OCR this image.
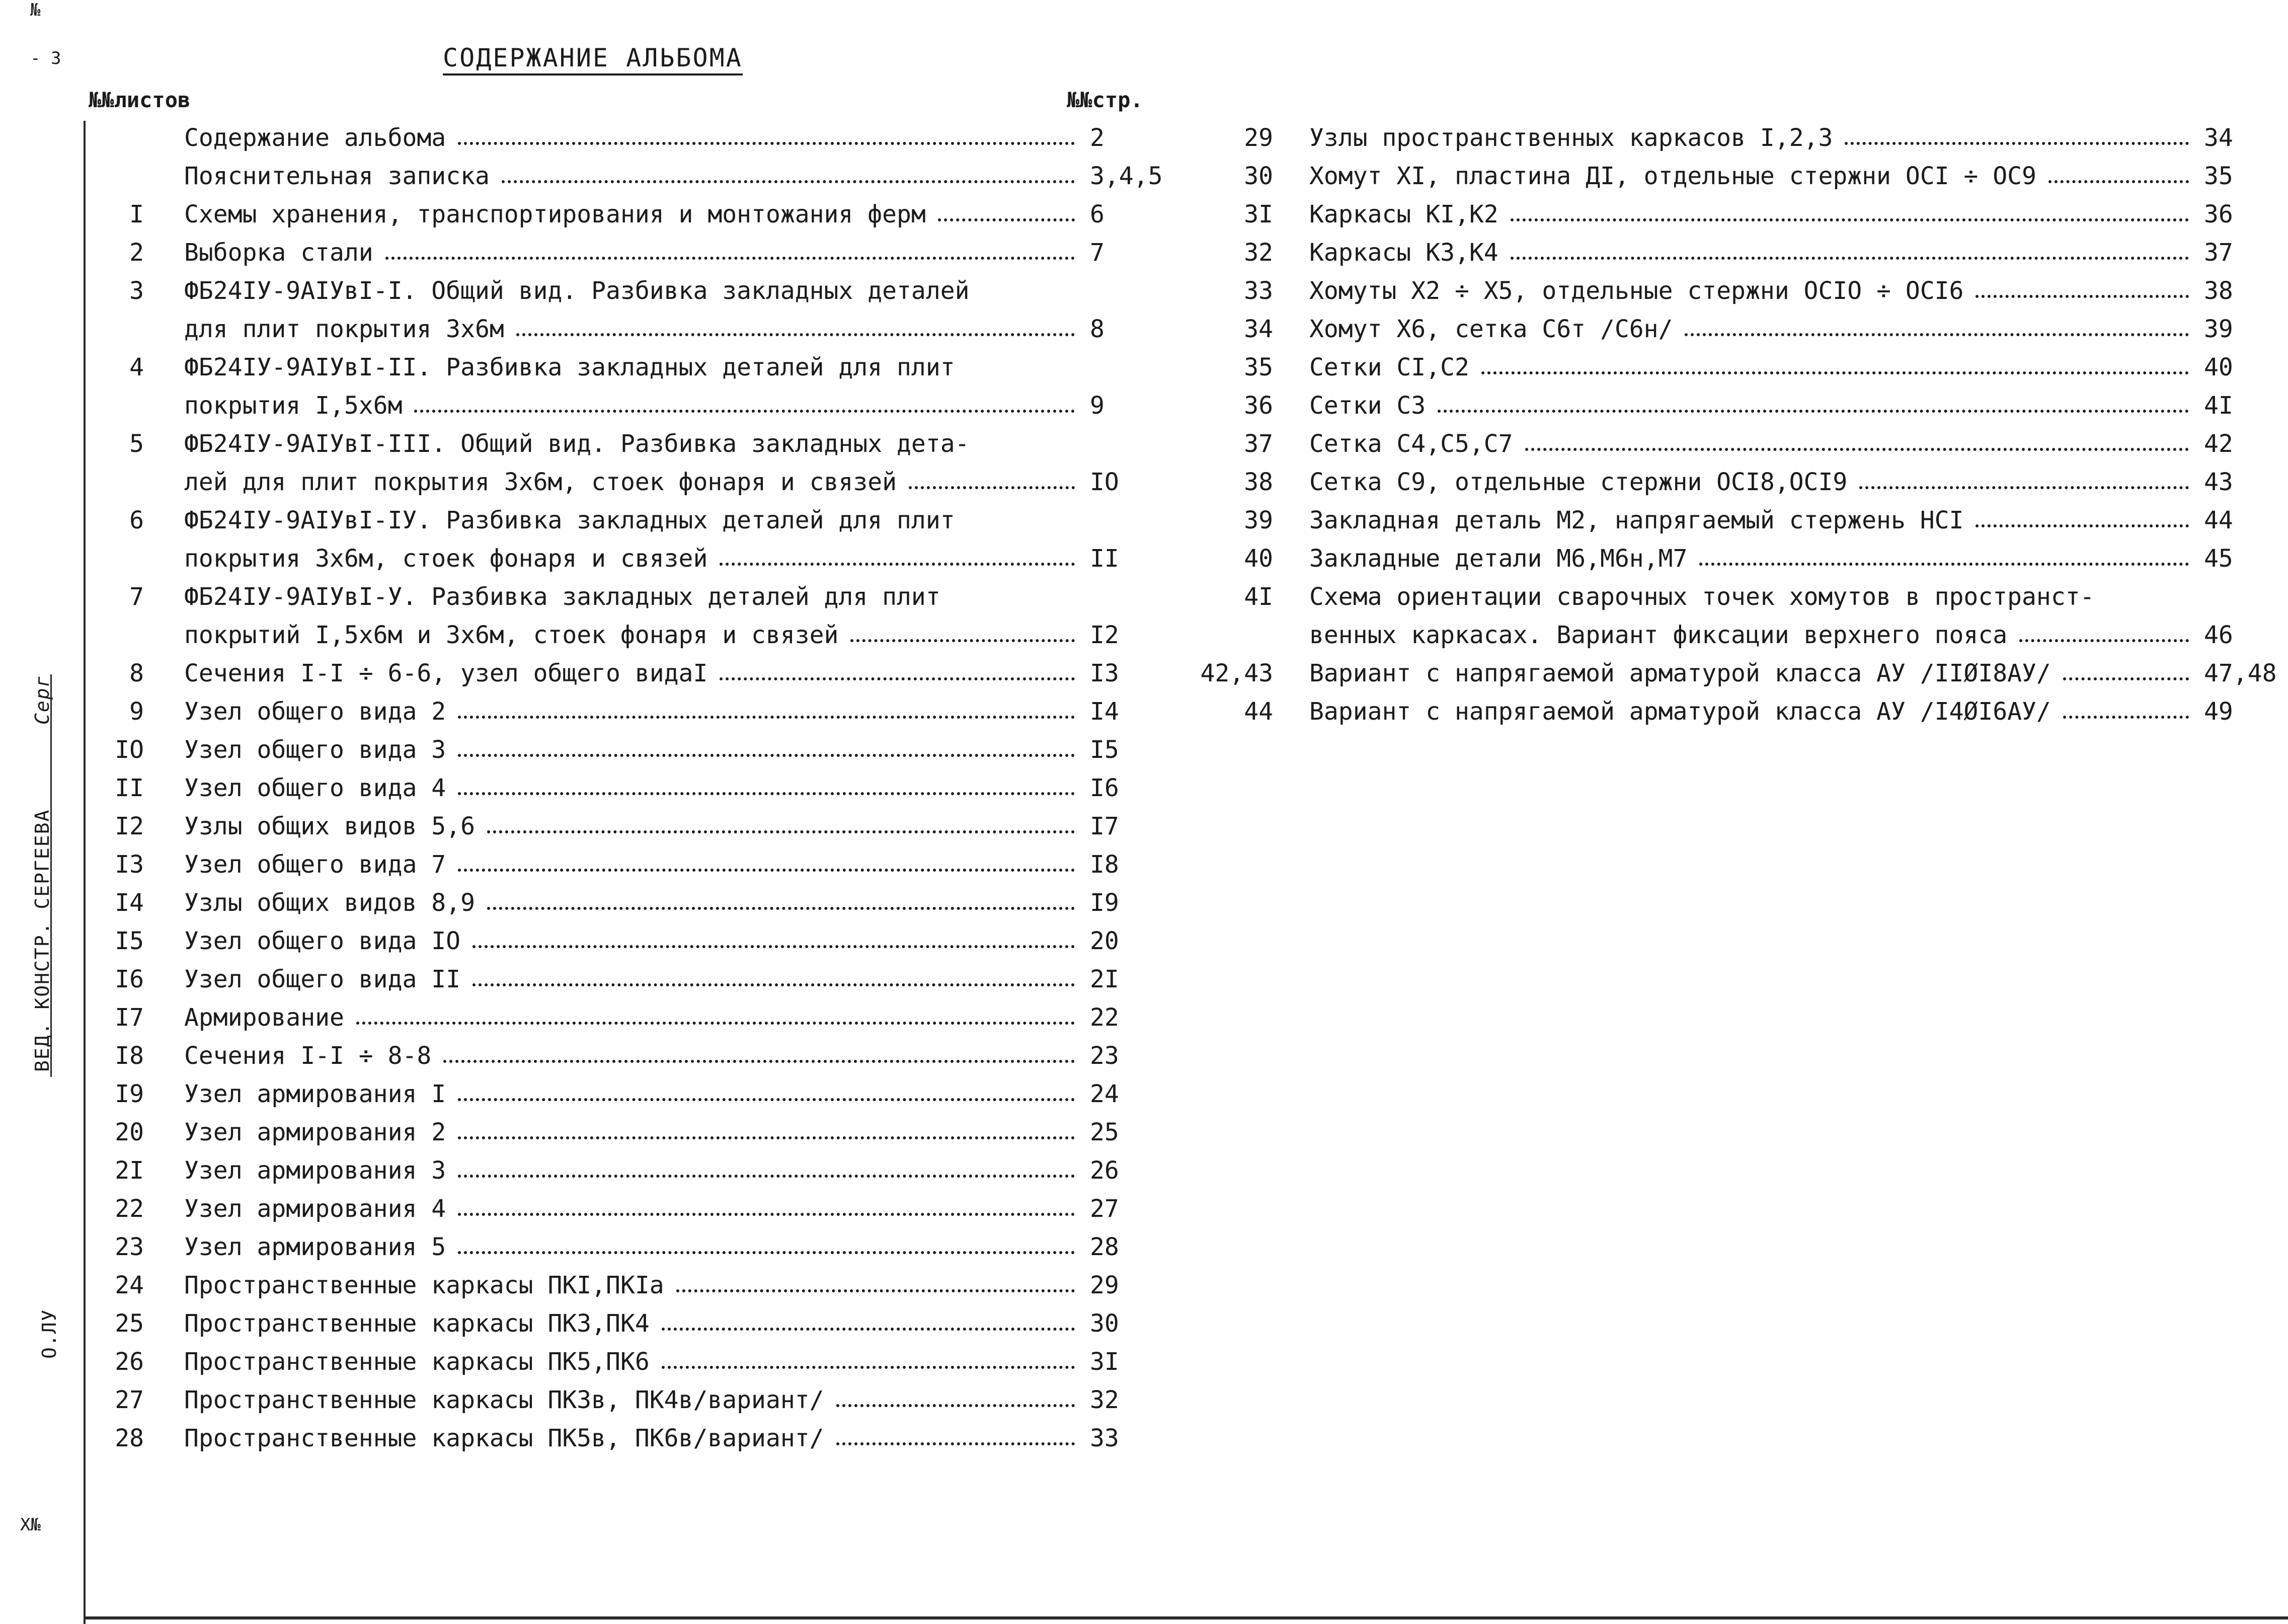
№
- 3
ВЕД. КОНСТР. СЕРГЕЕВА
Серг
О.ЛУ
Х№
СОДЕРЖАНИЕ АЛЬБОМА
№№листов	№№стр.
Содержание альбома	2
Пояснительная записка	3,4,5
I Схемы хранения, транспортирования и монтожания ферм	6
2 Выборка стали	7
3 ФБ24IУ-9АIУвI-I. Общий вид. Разбивка закладных деталей
для плит покрытия 3х6м	8
4 ФБ24IУ-9АIУвI-II. Разбивка закладных деталей для плит
покрытия I,5х6м	9
5 ФБ24IУ-9АIУвI-III. Общий вид. Разбивка закладных дета-
лей для плит покрытия 3х6м, стоек фонаря и связей	IO
6 ФБ24IУ-9АIУвI-IУ. Разбивка закладных деталей для плит
покрытия 3х6м, стоек фонаря и связей	II
7 ФБ24IУ-9АIУвI-У. Разбивка закладных деталей для плит
покрытий I,5х6м и 3х6м, стоек фонаря и связей	I2
8 Сечения I-I ÷ 6-6, узел общего видаI	I3
9 Узел общего вида 2	I4
IO Узел общего вида 3	I5
II Узел общего вида 4	I6
I2 Узлы общих видов 5,6	I7
I3 Узел общего вида 7	I8
I4 Узлы общих видов 8,9	I9
I5 Узел общего вида IO	20
I6 Узел общего вида II	2I
I7 Армирование	22
I8 Сечения I-I ÷ 8-8	23
I9 Узел армирования I	24
20 Узел армирования 2	25
2I Узел армирования 3	26
22 Узел армирования 4	27
23 Узел армирования 5	28
24 Пространственные каркасы ПКI,ПКIа	29
25 Пространственные каркасы ПК3,ПК4	30
26 Пространственные каркасы ПК5,ПК6	3I
27 Пространственные каркасы ПК3в, ПК4в/вариант/	32
28 Пространственные каркасы ПК5в, ПК6в/вариант/	33
29 Узлы пространственных каркасов I,2,3	34
30 Хомут XI, пластина ДI, отдельные стержни ОСI ÷ ОС9	35
3I Каркасы КI,К2	36
32 Каркасы К3,К4	37
33 Хомуты Х2 ÷ Х5, отдельные стержни ОСIО ÷ ОСI6	38
34 Хомут Х6, сетка С6т /С6н/	39
35 Сетки СI,С2	40
36 Сетки С3	4I
37 Сетка С4,С5,С7	42
38 Сетка С9, отдельные стержни ОСI8,ОСI9	43
39 Закладная деталь М2, напрягаемый стержень НСI	44
40 Закладные детали М6,М6н,М7	45
4I Схема ориентации сварочных точек хомутов в пространст-
венных каркасах. Вариант фиксации верхнего пояса	46
42,43 Вариант с напрягаемой арматурой класса АУ /IIØI8АУ/	47,48
44 Вариант с напрягаемой арматурой класса АУ /I4ØI6АУ/	49
